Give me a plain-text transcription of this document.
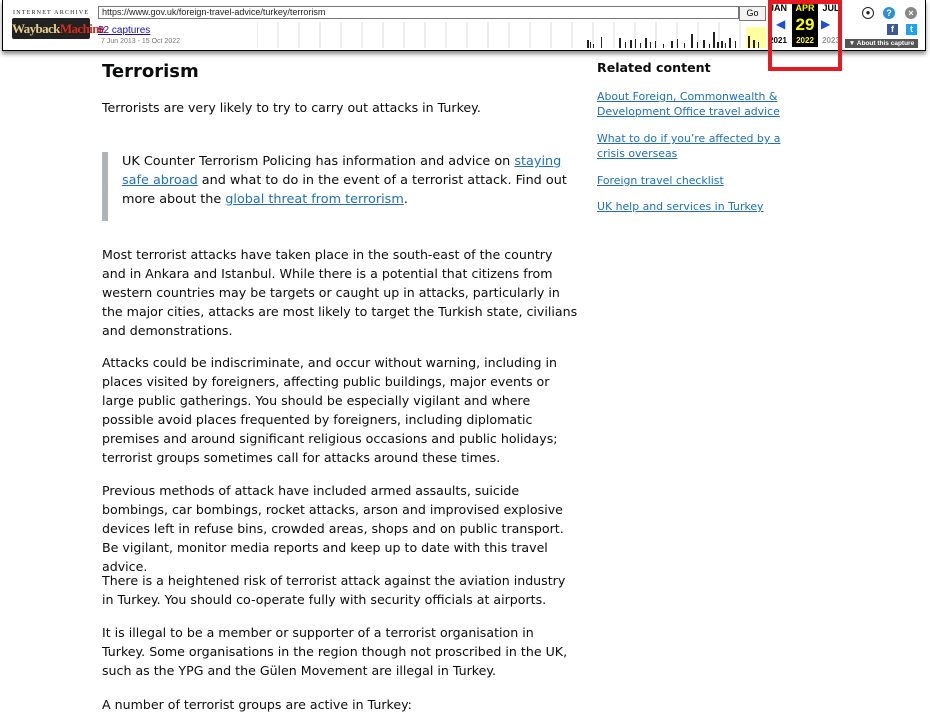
INTERNET ARCHIVE
WaybackMachine
https://www.gov.uk/foreign-travel-advice/turkey/terrorism	Go
52 captures
7 Jun 2013 - 15 Oct 2022
JAN

2021
◀
APR
29
2022
▶
JUL

2023
●	?	×
f	t
▼ About this capture
Terrorism

Terrorists are very likely to try to carry out attacks in Turkey.

UK Counter Terrorism Policing has information and advice on staying safe abroad and what to do in the event of a terrorist attack. Find out more about the global threat from terrorism.

Most terrorist attacks have taken place in the south-east of the country and in Ankara and Istanbul. While there is a potential that citizens from western countries may be targets or caught up in attacks, particularly in the major cities, attacks are most likely to target the Turkish state, civilians and demonstrations.

Attacks could be indiscriminate, and occur without warning, including in places visited by foreigners, affecting public buildings, major events or large public gatherings. You should be especially vigilant and where possible avoid places frequented by foreigners, including diplomatic premises and around significant religious occasions and public holidays; terrorist groups sometimes call for attacks around these times.

Previous methods of attack have included armed assaults, suicide bombings, car bombings, rocket attacks, arson and improvised explosive devices left in refuse bins, crowded areas, shops and on public transport. Be vigilant, monitor media reports and keep up to date with this travel advice.

There is a heightened risk of terrorist attack against the aviation industry in Turkey. You should co-operate fully with security officials at airports.

It is illegal to be a member or supporter of a terrorist organisation in Turkey. Some organisations in the region though not proscribed in the UK, such as the YPG and the Gülen Movement are illegal in Turkey.

A number of terrorist groups are active in Turkey:

Related content
About Foreign, Commonwealth & Development Office travel advice
What to do if you’re affected by a crisis overseas
Foreign travel checklist
UK help and services in Turkey
